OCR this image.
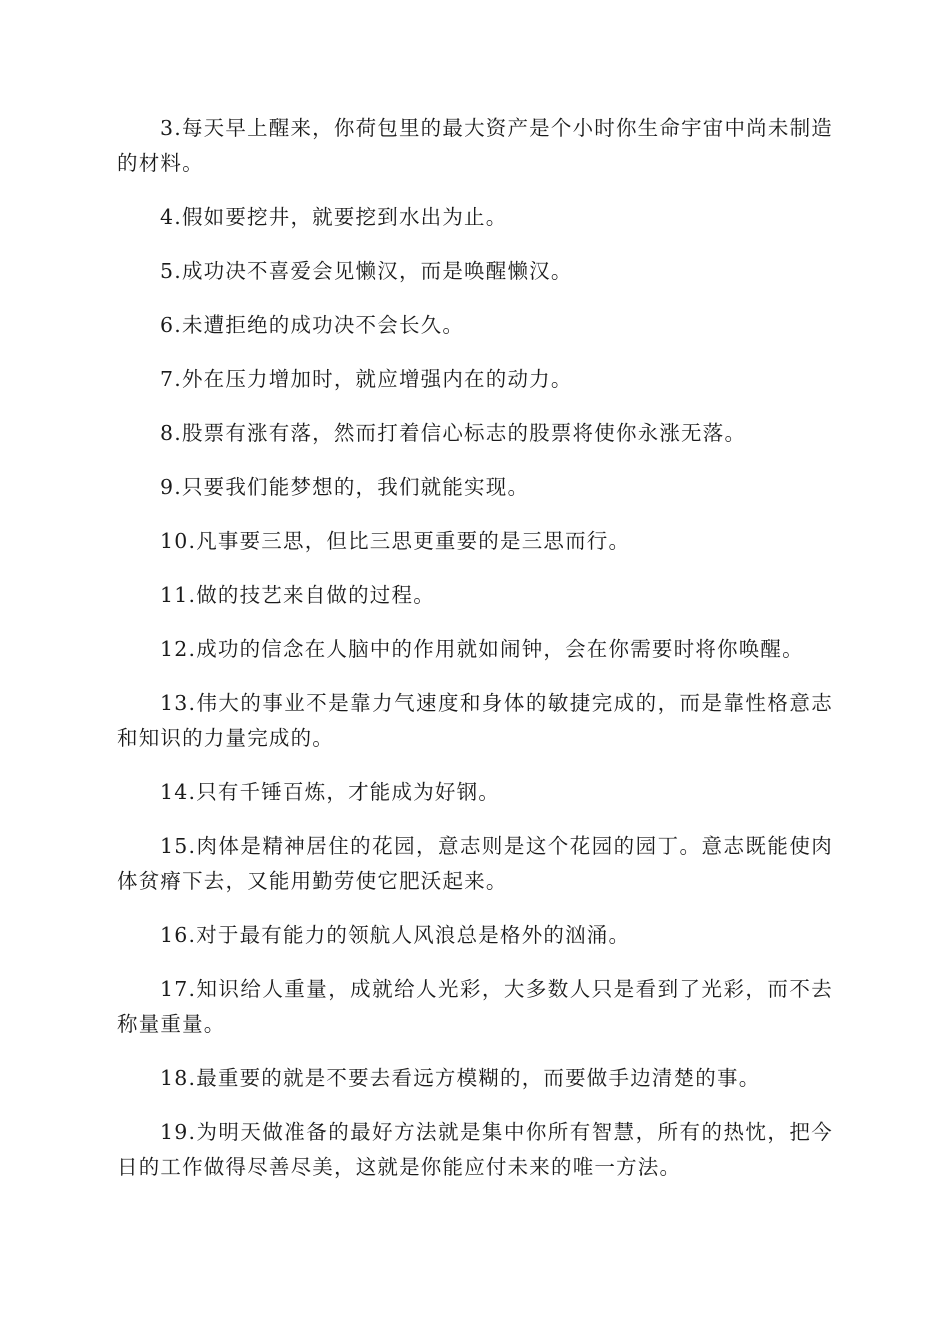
3.每天早上醒来，你荷包里的最大资产是个小时你生命宇宙中尚未制造的材料。

4.假如要挖井，就要挖到水出为止。

5.成功决不喜爱会见懒汉，而是唤醒懒汉。

6.未遭拒绝的成功决不会长久。

7.外在压力增加时，就应增强内在的动力。

8.股票有涨有落，然而打着信心标志的股票将使你永涨无落。

9.只要我们能梦想的，我们就能实现。

10.凡事要三思，但比三思更重要的是三思而行。

11.做的技艺来自做的过程。

12.成功的信念在人脑中的作用就如闹钟，会在你需要时将你唤醒。

13.伟大的事业不是靠力气速度和身体的敏捷完成的，而是靠性格意志和知识的力量完成的。

14.只有千锤百炼，才能成为好钢。

15.肉体是精神居住的花园，意志则是这个花园的园丁。意志既能使肉体贫瘠下去，又能用勤劳使它肥沃起来。

16.对于最有能力的领航人风浪总是格外的汹涌。

17.知识给人重量，成就给人光彩，大多数人只是看到了光彩，而不去称量重量。

18.最重要的就是不要去看远方模糊的，而要做手边清楚的事。

19.为明天做准备的最好方法就是集中你所有智慧，所有的热忱，把今日的工作做得尽善尽美，这就是你能应付未来的唯一方法。
